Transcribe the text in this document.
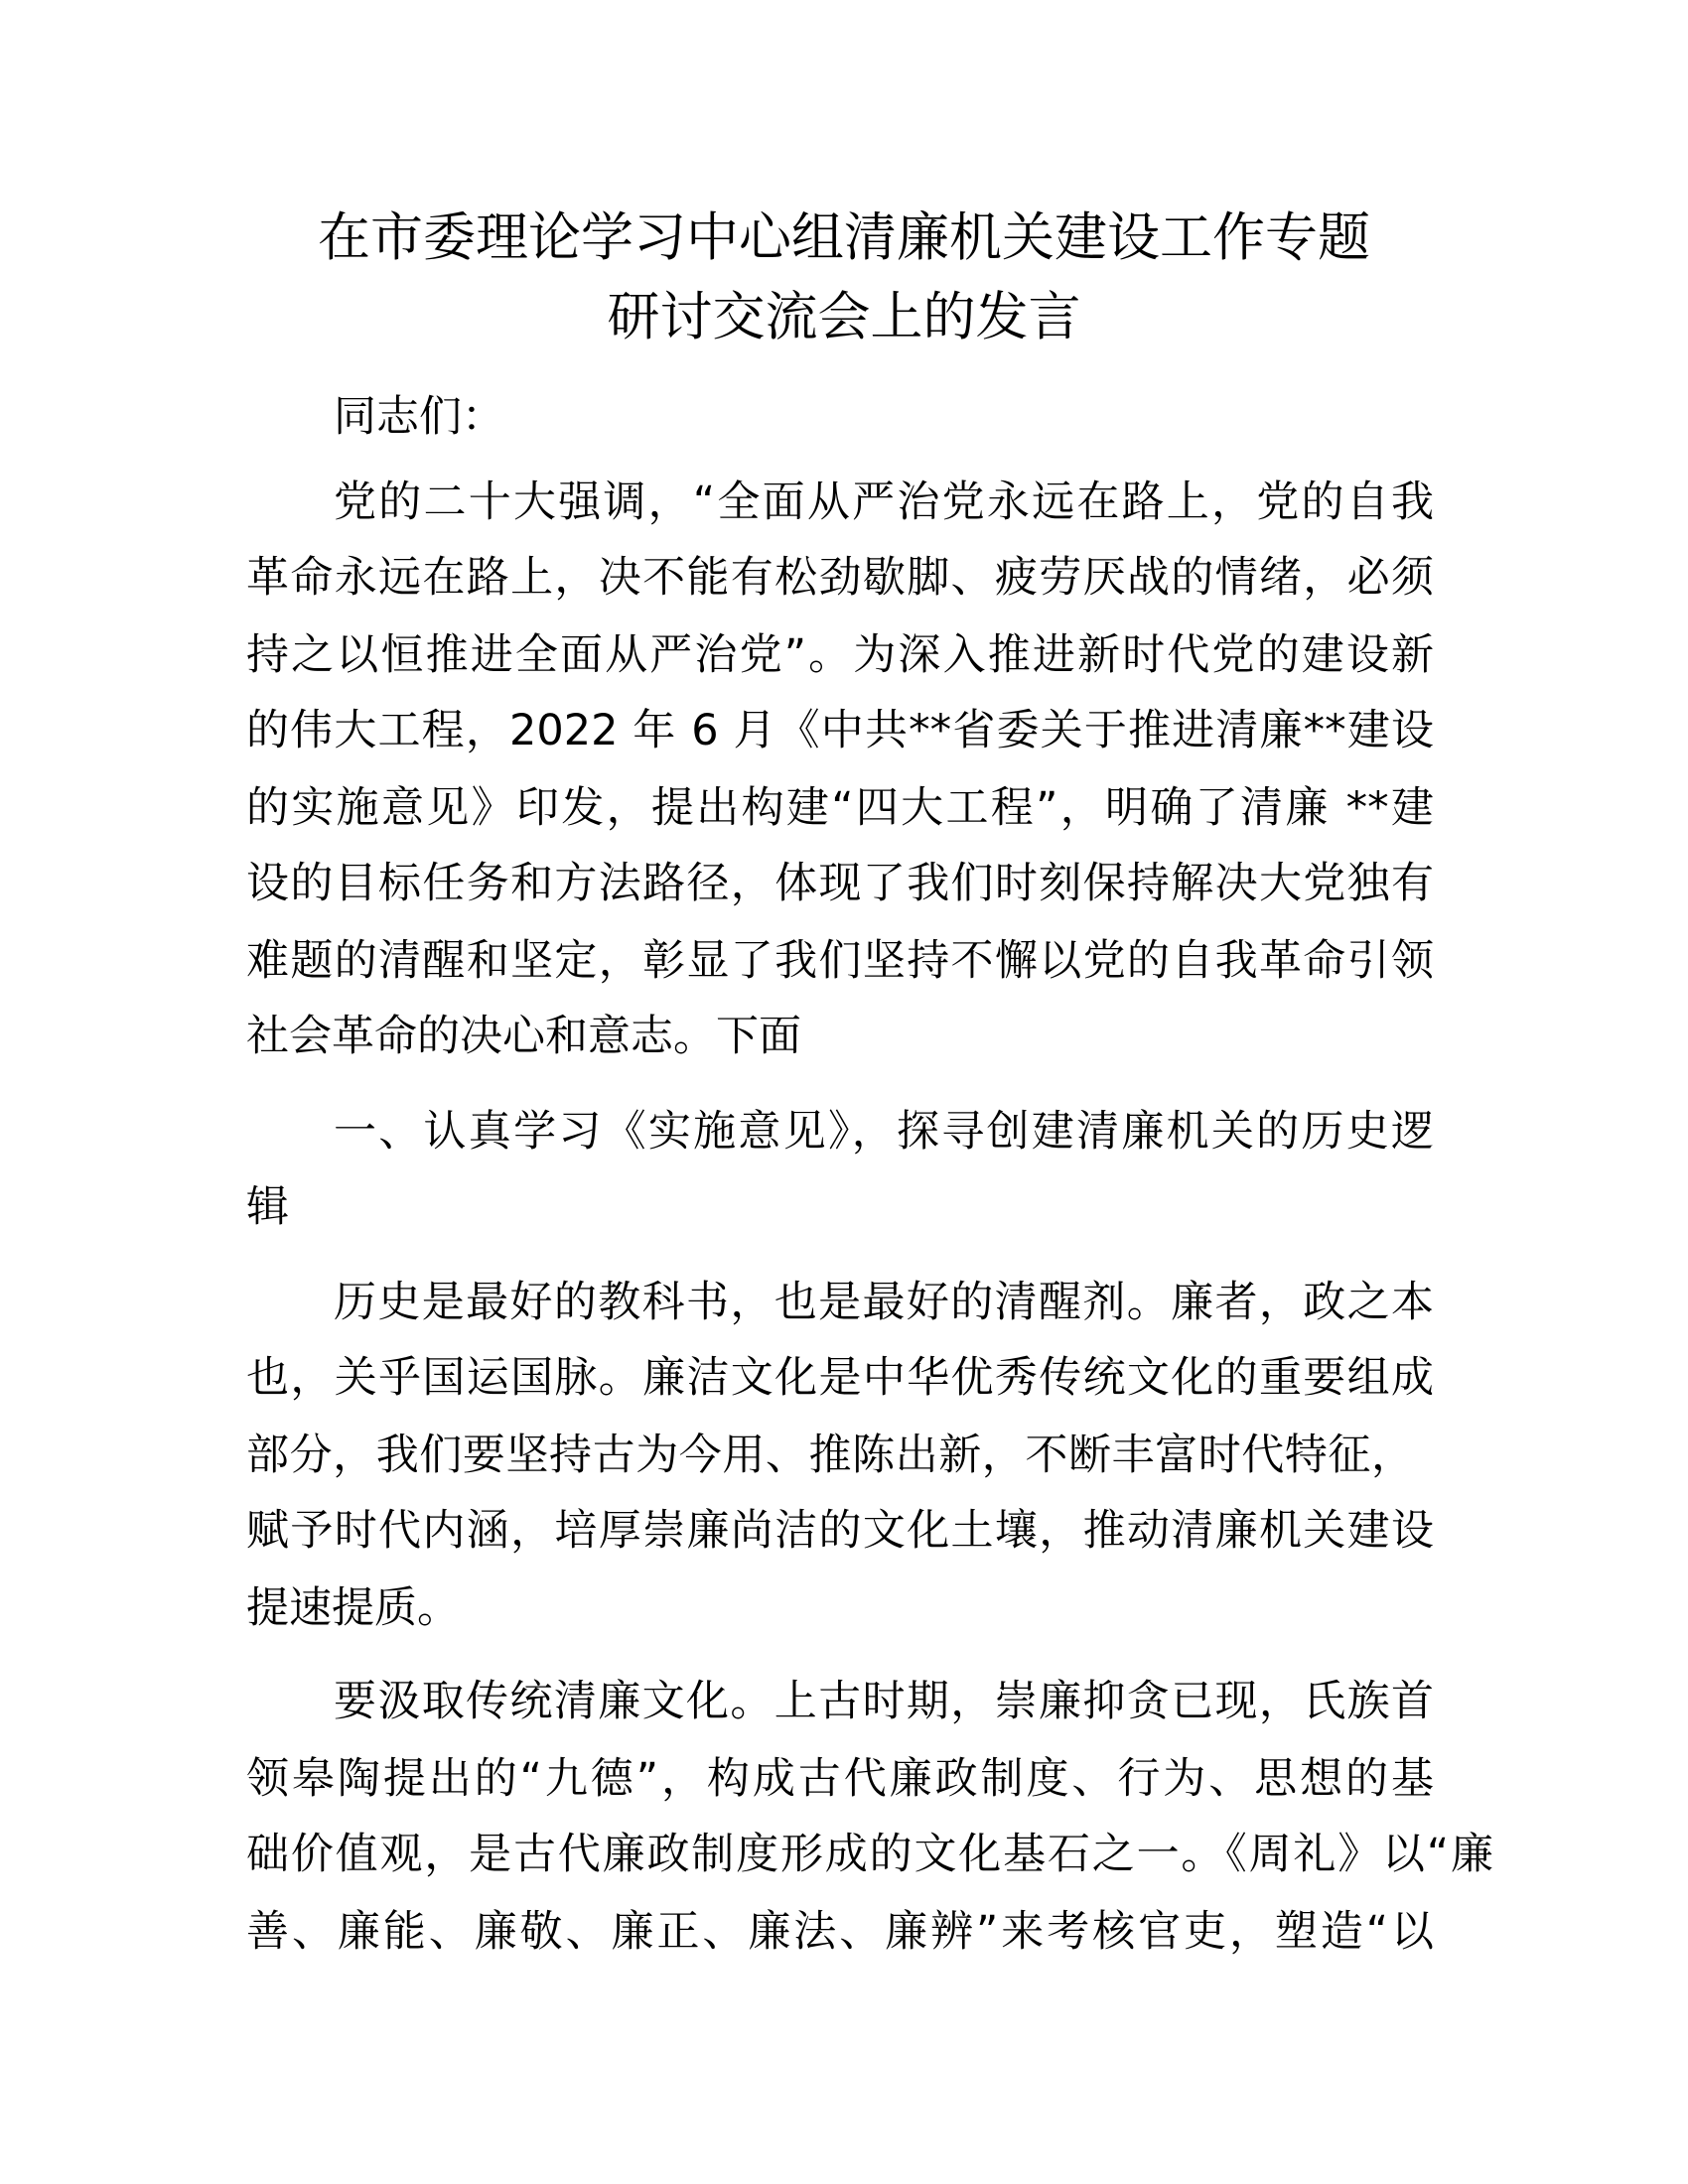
在市委理论学习中心组清廉机关建设工作专题
研讨交流会上的发言
同志们：
党的二十大强调，“全面从严治党永远在路上，党的自我
革命永远在路上，决不能有松劲歇脚、疲劳厌战的情绪，必须
持之以恒推进全面从严治党”。为深入推进新时代党的建设新
的伟大工程，2022 年 6 月《中共**省委关于推进清廉**建设
的实施意见》印发，提出构建“四大工程”，明确了清廉 **建
设的目标任务和方法路径，体现了我们时刻保持解决大党独有
难题的清醒和坚定，彰显了我们坚持不懈以党的自我革命引领
社会革命的决心和意志。下面
一、认真学习《实施意见》，探寻创建清廉机关的历史逻
辑
历史是最好的教科书，也是最好的清醒剂。廉者，政之本
也，关乎国运国脉。廉洁文化是中华优秀传统文化的重要组成
部分，我们要坚持古为今用、推陈出新，不断丰富时代特征，
赋予时代内涵，培厚崇廉尚洁的文化土壤，推动清廉机关建设
提速提质。
要汲取传统清廉文化。上古时期，崇廉抑贪已现，氏族首
领皋陶提出的“九德”，构成古代廉政制度、行为、思想的基
础价值观，是古代廉政制度形成的文化基石之一。《周礼》以“廉
善、廉能、廉敬、廉正、廉法、廉辨”来考核官吏，塑造“以
